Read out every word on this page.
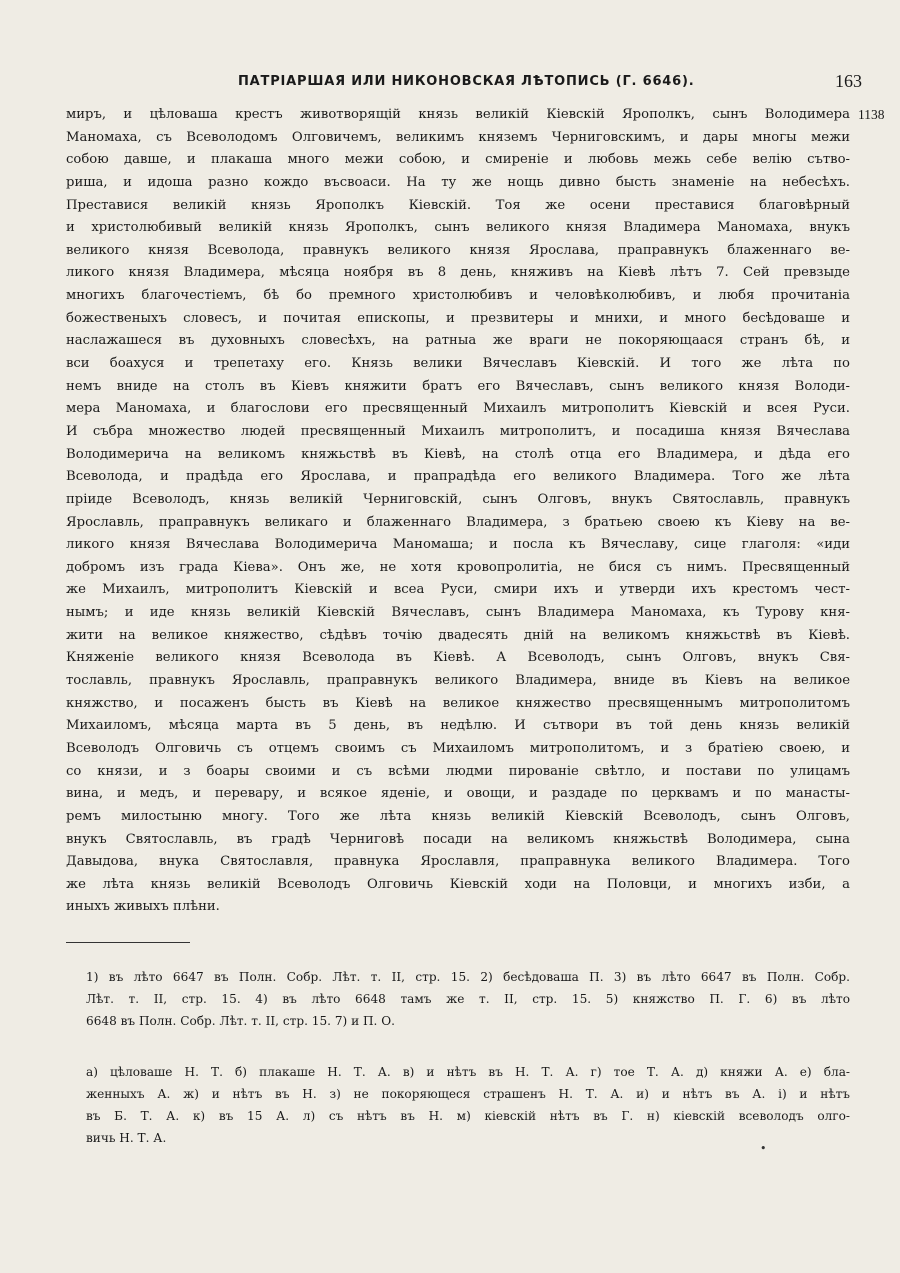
ПАТРІАРШАЯ ИЛИ НИКОНОВСКАЯ ЛѢТОПИСЬ (Г. 6646).	163
1138
миръ, и цѣловаша крестъ животворящій князь великій Кіевскій Ярополкъ, сынъ Володимера
Маномаха, съ Всеволодомъ Олговичемъ, великимъ княземъ Черниговскимъ, и дары многы межи
собою давше, и плакаша много межи собою, и смиреніе и любовь межь себе велію сътво-
риша, и идоша разно кождо въсвоаси. На ту же нощь дивно бысть знаменіе на небесѣхъ.
Преставися великій князь Ярополкъ Кіевскій. Тоя же осени преставися благовѣрный
и христолюбивый великій князь Ярополкъ, сынъ великого князя Владимера Маномаха, внукъ
великого князя Всеволода, правнукъ великого князя Ярослава, праправнукъ блаженнаго ве-
ликого князя Владимера, мѣсяца ноября въ 8 день, княживъ на Кіевѣ лѣтъ 7. Сей превзыде
многихъ благочестіемъ, бѣ бо премного христолюбивъ и человѣколюбивъ, и любя прочитаніа
божественыхъ словесъ, и почитая епископы, и презвитеры и мнихи, и много бесѣдоваше и
наслажашеся въ духовныхъ словесѣхъ, на ратныа же враги не покоряющаася странъ бѣ, и
вси боахуся и трепетаху его. Князь велики Вячеславъ Кіевскій. И того же лѣта по
немъ вниде на столъ въ Кіевъ княжити братъ его Вячеславъ, сынъ великого князя Володи-
мера Маномаха, и благослови его пресвященный Михаилъ митрополитъ Кіевскій и всея Руси.
И събра множество людей пресвященный Михаилъ митрополитъ, и посадиша князя Вячеслава
Володимерича на великомъ княжьствѣ въ Кіевѣ, на столѣ отца его Владимера, и дѣда его
Всеволода, и прадѣда его Ярослава, и прапрадѣда его великого Владимера. Того же лѣта
пріиде Всеволодъ, князь великій Черниговскій, сынъ Олговъ, внукъ Святославль, правнукъ
Ярославль, праправнукъ великаго и блаженнаго Владимера, з братьею своею къ Кіеву на ве-
ликого князя Вячеслава Володимерича Маномаша; и посла къ Вячеславу, сице глаголя: «иди
добромъ изъ града Кіева». Онъ же, не хотя кровопролитіа, не бися съ нимъ. Пресвященный
же Михаилъ, митрополитъ Кіевскій и всеа Руси, смири ихъ и утверди ихъ крестомъ чест-
нымъ; и иде князь великій Кіевскій Вячеславъ, сынъ Владимера Маномаха, къ Турову кня-
жити на великое княжество, сѣдѣвъ точію двадесять дній на великомъ княжьствѣ въ Кіевѣ.
Княженіе великого князя Всеволода въ Кіевѣ. А Всеволодъ, сынъ Олговъ, внукъ Свя-
тославль, правнукъ Ярославль, праправнукъ великого Владимера, вниде въ Кіевъ на великое
княжство, и посаженъ бысть въ Кіевѣ на великое княжество пресвященнымъ митрополитомъ
Михаиломъ, мѣсяца марта въ 5 день, въ недѣлю. И сътвори въ той день князь великій
Всеволодъ Олговичь съ отцемъ своимъ съ Михаиломъ митрополитомъ, и з братіею своею, и
со князи, и з боары своими и съ всѣми людми пированіе свѣтло, и постави по улицамъ
вина, и медъ, и перевару, и всякое яденіе, и овощи, и раздаде по церквамъ и по манасты-
ремъ милостыню многу. Того же лѣта князь великій Кіевскій Всеволодъ, сынъ Олговъ,
внукъ Святославль, въ градѣ Черниговѣ посади на великомъ княжьствѣ Володимера, сына
Давыдова, внука Святославля, правнука Ярославля, праправнука великого Владимера. Того
же лѣта князь великій Всеволодъ Олговичь Кіевскій ходи на Половци, и многихъ изби, а
иныхъ живыхъ плѣни.
1) въ лѣто 6647 въ Полн. Собр. Лѣт. т. II, стр. 15. 2) бесѣдоваша П. 3) въ лѣто 6647 въ Полн. Собр.
Лѣт. т. II, стр. 15. 4) въ лѣто 6648 тамъ же т. II, стр. 15. 5) княжство П. Г. 6) въ лѣто
6648 въ Полн. Собр. Лѣт. т. II, стр. 15. 7) и П. О.
а) цѣловаше Н. Т. б) плакаше Н. Т. А. в) и нѣтъ въ Н. Т. А. г) тое Т. А. д) княжи А. е) бла-
женныхъ А. ж) и нѣтъ въ Н. з) не покоряющеся страшенъ Н. Т. А. и) и нѣтъ въ А. і) и нѣтъ
въ Б. Т. А. к) въ 15 А. л) съ нѣтъ въ Н. м) кіевскій нѣтъ въ Г. н) кіевскій всеволодъ олго-
вичь Н. Т. А.
•
